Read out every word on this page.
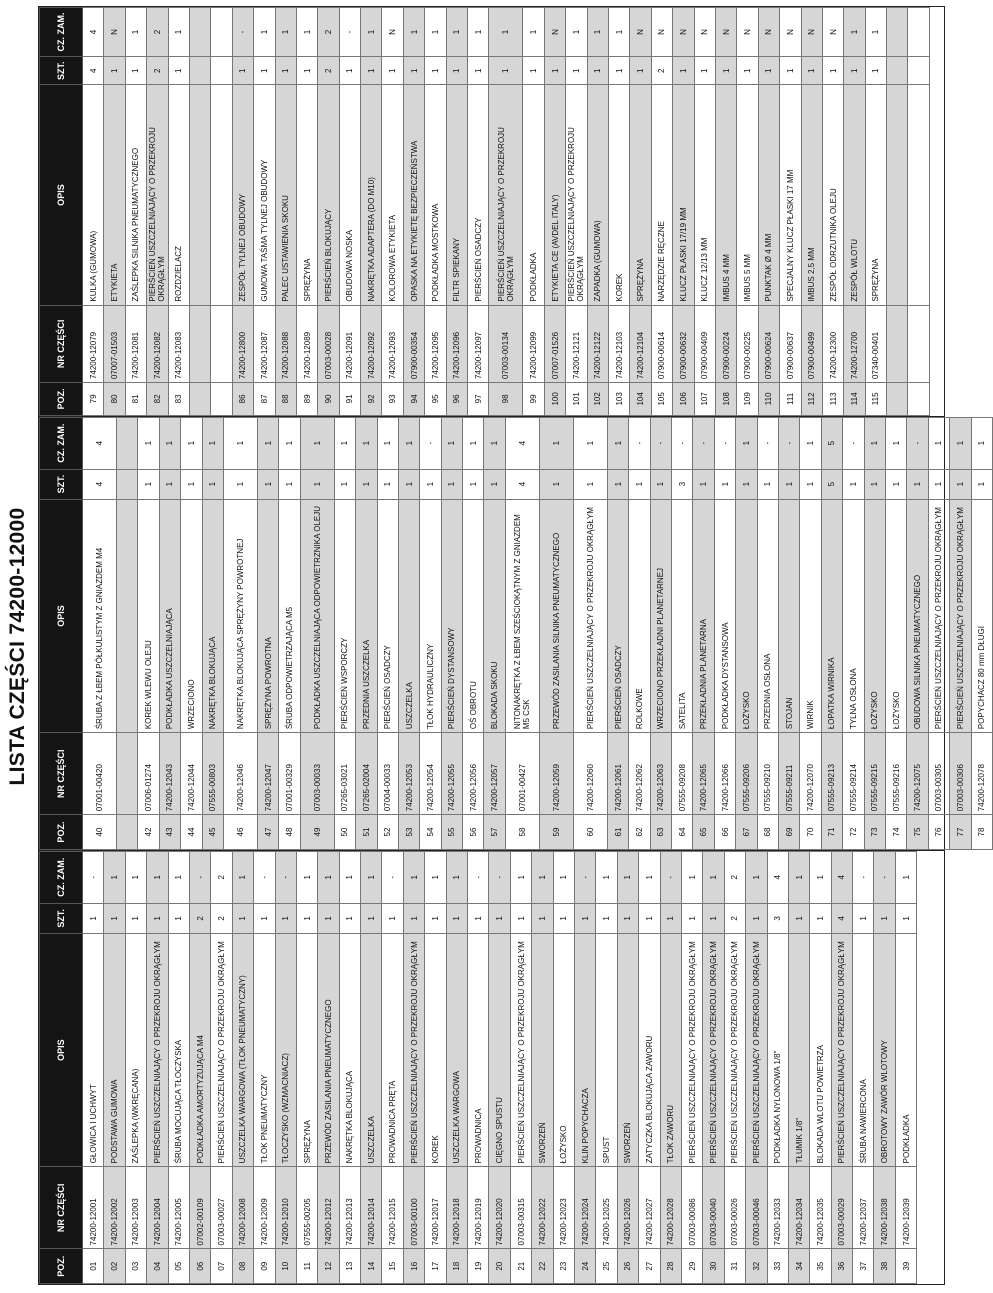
LISTA CZĘŚCI 74200-12000
POZ.	NR CZĘŚCI	OPIS	SZT.	CZ. ZAM.
01	74200-12001	GŁOWICA I UCHWYT	1	-
02	74200-12002	PODSTAWA GUMOWA	1	1
03	74200-12003	ZAŚLEPKA (WKRĘCANA)	1	1
04	74200-12004	PIERŚCIEŃ USZCZELNIAJĄCY O PRZEKROJU OKRĄGŁYM	1	1
05	74200-12005	ŚRUBA MOCUJĄCA TŁOCZYSKA	1	1
06	07002-00109	PODKŁADKA AMORTYZUJĄCA M4	2	-
07	07003-00027	PIERŚCIEŃ USZCZELNIAJĄCY O PRZEKROJU OKRĄGŁYM	2	2
08	74200-12008	USZCZELKA WARGOWA (TŁOK PNEUMATYCZNY)	1	1
09	74200-12009	TŁOK PNEUMATYCZNY	1	-
10	74200-12010	TŁOCZYSKO (WZMACNIACZ)	1	-
11	07555-00205	SPRĘŻYNA	1	1
12	74200-12012	PRZEWÓD ZASILANIA PNEUMATYCZNEGO	1	1
13	74200-12013	NAKRĘTKA BLOKUJĄCA	1	1
14	74200-12014	USZCZELKA	1	1
15	74200-12015	PROWADNICA PRĘTA	1	-
16	07003-00100	PIERŚCIEŃ USZCZELNIAJĄCY O PRZEKROJU OKRĄGŁYM	1	1
17	74200-12017	KOREK	1	1
18	74200-12018	USZCZELKA WARGOWA	1	1
19	74200-12019	PROWADNICA	1	-
20	74200-12020	CIĘGNO SPUSTU	1	-
21	07003-00315	PIERŚCIEŃ USZCZELNIAJĄCY O PRZEKROJU OKRĄGŁYM	1	1
22	74200-12022	SWORZEŃ	1	1
23	74200-12023	ŁOŻYSKO	1	1
24	74200-12024	KLIN POPYCHACZA	1	-
25	74200-12025	SPUST	1	1
26	74200-12026	SWORZEŃ	1	1
27	74200-12027	ZATYCZKA BLOKUJĄCA ZAWORU	1	1
28	74200-12028	TŁOK ZAWORU	1	-
29	07003-00086	PIERŚCIEŃ USZCZELNIAJĄCY O PRZEKROJU OKRĄGŁYM	1	1
30	07003-00040	PIERŚCIEŃ USZCZELNIAJĄCY O PRZEKROJU OKRĄGŁYM	1	1
31	07003-00026	PIERŚCIEŃ USZCZELNIAJĄCY O PRZEKROJU OKRĄGŁYM	2	2
32	07003-00046	PIERŚCIEŃ USZCZELNIAJĄCY O PRZEKROJU OKRĄGŁYM	1	1
33	74200-12033	PODKŁADKA NYLONOWA 1/8"	3	4
34	74200-12034	TŁUMIK 1/8"	1	1
35	74200-12035	BLOKADA WLOTU POWIETRZA	1	1
36	07003-00029	PIERŚCIEŃ USZCZELNIAJĄCY O PRZEKROJU OKRĄGŁYM	4	4
37	74200-12037	ŚRUBA NAWIERCONA	1	-
38	74200-12038	OBROTOWY ZAWÓR WLOTOWY	1	-
39	74200-12039	PODKŁADKA	1	1
POZ.	NR CZĘŚCI	OPIS	SZT.	CZ. ZAM.
40	07001-00420	ŚRUBA Z ŁBEM PÓŁKULISTYM Z GNIAZDEM M4	4	4

42	07006-01274	KOREK WLEWU OLEJU	1	1
43	74200-12043	PODKŁADKA USZCZELNIAJĄCA	1	1
44	74200-12044	WRZECIONO	1	1
45	07555-00803	NAKRĘTKA BLOKUJĄCA	1	1
46	74200-12046	NAKRĘTKA BLOKUJĄCA SPRĘŻYNY POWROTNEJ	1	1
47	74200-12047	SPRĘŻYNA POWROTNA	1	1
48	07001-00329	ŚRUBA ODPOWIETRZAJĄCA M5	1	1
49	07003-00033	PODKŁADKA USZCZELNIAJĄCA ODPOWIETRZNIKA OLEJU	1	1
50	07265-03021	PIERŚCIEŃ WSPORCZY	1	1
51	07265-02004	PRZEDNIA USZCZELKA	1	1
52	07004-00033	PIERŚCIEŃ OSADCZY	1	1
53	74200-12053	USZCZELKA	1	1
54	74200-12054	TŁOK HYDRAULICZNY	1	-
55	74200-12055	PIERŚCIEŃ DYSTANSOWY	1	1
56	74200-12056	OŚ OBROTU	1	1
57	74200-12057	BLOKADA SKOKU	1	1
58	07001-00427	NITONAKRĘTKA Z ŁBEM SZEŚCIOKĄTNYM Z GNIAZDEM M5 CSK	4	4
59	74200-12059	PRZEWÓD ZASILANIA SILNIKA PNEUMATYCZNEGO	1	1
60	74200-12060	PIERŚCIEŃ USZCZELNIAJĄCY O PRZEKROJU OKRĄGŁYM	1	1
61	74200-12061	PIERŚCIEŃ OSADCZY	1	1
62	74200-12062	ROLKOWE	1	-
63	74200-12063	WRZECIONO PRZEKŁADNI PLANETARNEJ	1	-
64	07555-09208	SATELITA	3	-
65	74200-12065	PRZEKŁADNIA PLANETARNA	1	-
66	74200-12066	PODKŁADKA DYSTANSOWA	1	-
67	07555-09206	ŁOŻYSKO	1	1
68	07555-09210	PRZEDNIA OSŁONA	1	-
69	07555-09211	STOJAN	1	-
70	74200-12070	WIRNIK	1	1
71	07555-09213	ŁOPATKA WIRNIKA	5	5
72	07555-09214	TYLNA OSŁONA	1	-
73	07555-09215	ŁOŻYSKO	1	1
74	07555-09216	ŁOŻYSKO	1	1
75	74200-12075	OBUDOWA SILNIKA PNEUMATYCZNEGO	1	-
76	07003-00305	PIERŚCIEŃ USZCZELNIAJĄCY O PRZEKROJU OKRĄGŁYM	1	1
77	07003-00306	PIERŚCIEŃ USZCZELNIAJĄCY O PRZEKROJU OKRĄGŁYM	1	1
78	74200-12078	POPYCHACZ 80 mm DŁUGI	1	1
POZ.	NR CZĘŚCI	OPIS	SZT.	CZ. ZAM.
79	74200-12079	KULKA (GUMOWA)	4	4
80	07007-01503	ETYKIETA	1	N
81	74200-12081	ZAŚLEPKA SILNIKA PNEUMATYCZNEGO	1	1
82	74200-12082	PIERŚCIEŃ USZCZELNIAJĄCY O PRZEKROJU OKRĄGŁYM	2	2
83	74200-12083	ROZDZIELACZ	1	1

86	74200-12800	ZESPÓŁ TYLNEJ OBUDOWY	1	-
87	74200-12087	GUMOWA TAŚMA TYLNEJ OBUDOWY	1	1
88	74200-12088	PALEC USTAWIENIA SKOKU	1	1
89	74200-12089	SPRĘŻYNA	1	1
90	07003-00028	PIERŚCIEŃ BLOKUJĄCY	2	2
91	74200-12091	OBUDOWA NOSKA	1	-
92	74200-12092	NAKRĘTKA ADAPTERA (DO M10)	1	1
93	74200-12093	KOLOROWA ETYKIETA	1	N
94	07900-00354	OPASKA NA ETYKIETĘ BEZPIECZEŃSTWA	1	1
95	74200-12095	PODKŁADKA MOSTKOWA	1	1
96	74200-12096	FILTR SPIEKANY	1	1
97	74200-12097	PIERŚCIEŃ OSADCZY	1	1
98	07003-00134	PIERŚCIEŃ USZCZELNIAJĄCY O PRZEKROJU OKRĄGŁYM	1	1
99	74200-12099	PODKŁADKA	1	1
100	07007-01526	ETYKIETA CE (AVDEL ITALY)	1	N
101	74200-12121	PIERŚCIEŃ USZCZELNIAJĄCY O PRZEKROJU OKRĄGŁYM	1	1
102	74200-12122	ZAPADKA (GUMOWA)	1	1
103	74200-12103	KOREK	1	1
104	74200-12104	SPRĘŻYNA	1	N
105	07900-00614	NARZĘDZIE RĘCZNE	2	N
106	07900-00632	KLUCZ PŁASKI 17/19 MM	1	N
107	07900-00409	KLUCZ 12/13 MM	1	N
108	07900-00224	IMBUS 4 MM	1	N
109	07900-00225	IMBUS 5 MM	1	N
110	07900-00624	PUNKTAK Ø 4 MM	1	N
111	07900-00637	SPECJALNY KLUCZ PŁASKI 17 MM	1	N
112	07900-00499	IMBUS 2,5 MM	1	N
113	74200-12300	ZESPÓŁ ODRZUTNIKA OLEJU	1	N
114	74200-12700	ZESPÓŁ WLOTU	1	1
115	07340-00401	SPRĘŻYNA	1	1
